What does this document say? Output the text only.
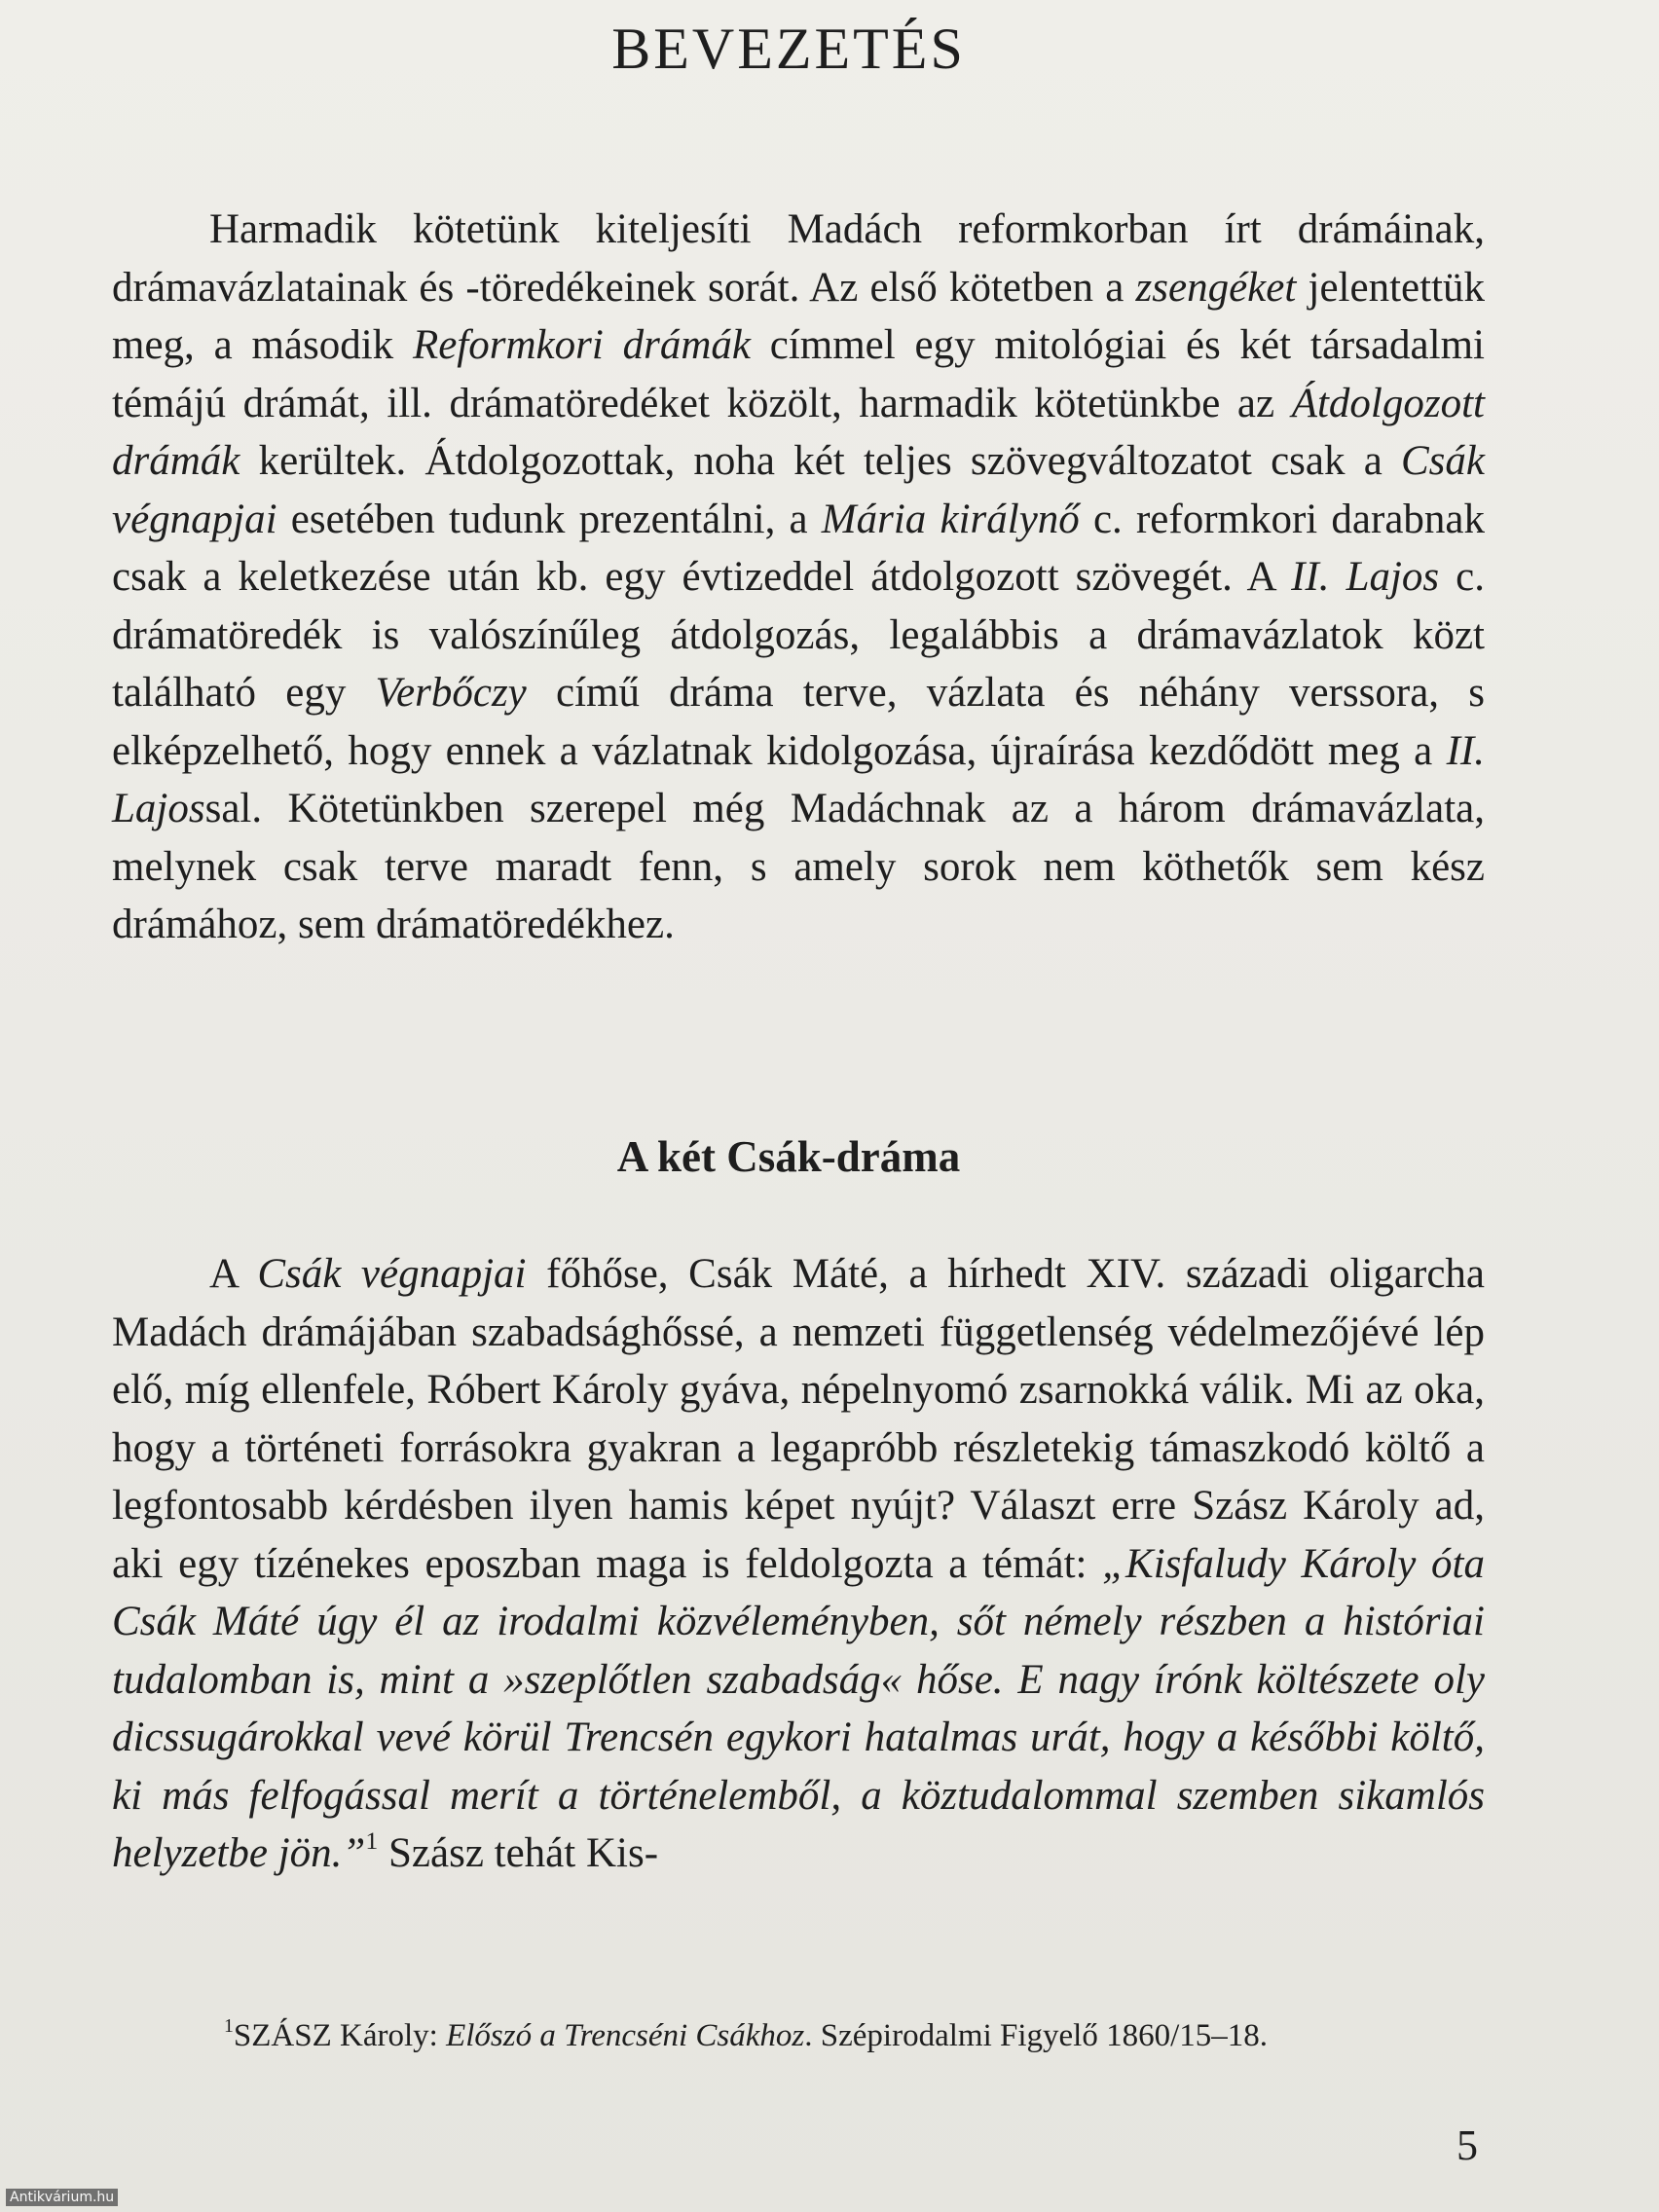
BEVEZETÉS

Harmadik kötetünk kiteljesíti Madách reformkorban írt drámáinak, drámavázlatainak és -töredékeinek sorát. Az első kötetben a zsengéket jelentettük meg, a második Reformkori drámák címmel egy mitológiai és két társadalmi témájú drámát, ill. drámatöredéket közölt, harmadik kötetünkbe az Átdolgozott drámák kerültek. Átdolgozottak, noha két teljes szövegváltozatot csak a Csák végnapjai esetében tudunk prezentálni, a Mária királynő c. reformkori darabnak csak a keletkezése után kb. egy évtizeddel átdolgozott szövegét. A II. Lajos c. drámatöredék is valószínűleg átdolgozás, legalábbis a drámavázlatok közt található egy Verbőczy című dráma terve, vázlata és néhány verssora, s elképzelhető, hogy ennek a vázlatnak kidolgozása, újraírása kezdődött meg a II. Lajossal. Kötetünkben szerepel még Madáchnak az a három drámavázlata, melynek csak terve maradt fenn, s amely sorok nem köthetők sem kész drámához, sem drámatöredékhez.

A két Csák-dráma

A Csák végnapjai főhőse, Csák Máté, a hírhedt XIV. századi oligarcha Madách drámájában szabadsághőssé, a nemzeti függetlenség védelmezőjévé lép elő, míg ellenfele, Róbert Károly gyáva, népelnyomó zsarnokká válik. Mi az oka, hogy a történeti forrásokra gyakran a legapróbb részletekig támaszkodó költő a legfontosabb kérdésben ilyen hamis képet nyújt? Választ erre Szász Károly ad, aki egy tízénekes eposzban maga is feldolgozta a témát: „Kisfaludy Károly óta Csák Máté úgy él az irodalmi közvéleményben, sőt némely részben a históriai tudalomban is, mint a »szeplőtlen szabadság« hőse. E nagy írónk költészete oly dicssugárokkal vevé körül Trencsén egykori hatalmas urát, hogy a későbbi költő, ki más felfogással merít a történelemből, a köztudalommal szemben sikamlós helyzetbe jön.”$^1$ Szász tehát Kis-

$^1$SZÁSZ Károly: Előszó a Trencséni Csákhoz. Szépirodalmi Figyelő 1860/15–18.
5
Antikvárium.hu
